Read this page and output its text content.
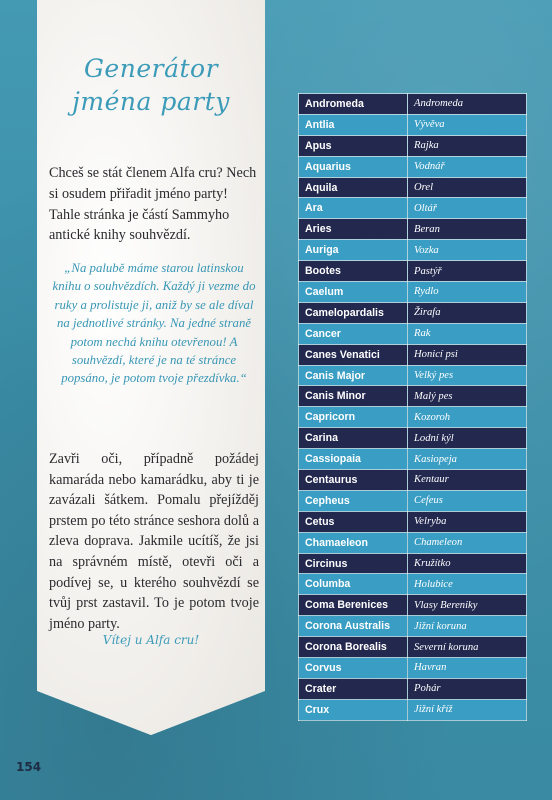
Generátor
jména party

Chceš se stát členem Alfa cru? Nech si osudem přiřadit jméno party! Tahle stránka je částí Sammyho antické knihy souhvězdí.

„Na palubě máme starou latinskou knihu o souhvězdích. Každý ji vezme do ruky a prolistuje ji, aniž by se ale díval na jednotlivé stránky. Na jedné straně potom nechá knihu otevřenou! A souhvězdí, které je na té stránce popsáno, je potom tvoje přezdívka.“

Zavři oči, případně požádej kamaráda nebo kamarádku, aby ti je zavázali šátkem. Pomalu přejížděj prstem po této stránce seshora dolů a zleva doprava. Jakmile ucítíš, že jsi na správném místě, otevři oči a podívej se, u kterého souhvězdí se tvůj prst zastavil. To je potom tvoje jméno party.

Vítej u Alfa cru!
154
Andromeda	Andromeda
Antlia	Vývěva
Apus	Rajka
Aquarius	Vodnář
Aquila	Orel
Ara	Oltář
Aries	Beran
Auriga	Vozka
Bootes	Pastýř
Caelum	Rydlo
Camelopardalis	Žirafa
Cancer	Rak
Canes Venatici	Honicí psi
Canis Major	Velký pes
Canis Minor	Malý pes
Capricorn	Kozoroh
Carina	Lodní kýl
Cassiopaia	Kasiopeja
Centaurus	Kentaur
Cepheus	Cefeus
Cetus	Velryba
Chamaeleon	Chameleon
Circinus	Kružítko
Columba	Holubice
Coma Berenices	Vlasy Bereniky
Corona Australis	Jižní koruna
Corona Borealis	Severní koruna
Corvus	Havran
Crater	Pohár
Crux	Jižní kříž
